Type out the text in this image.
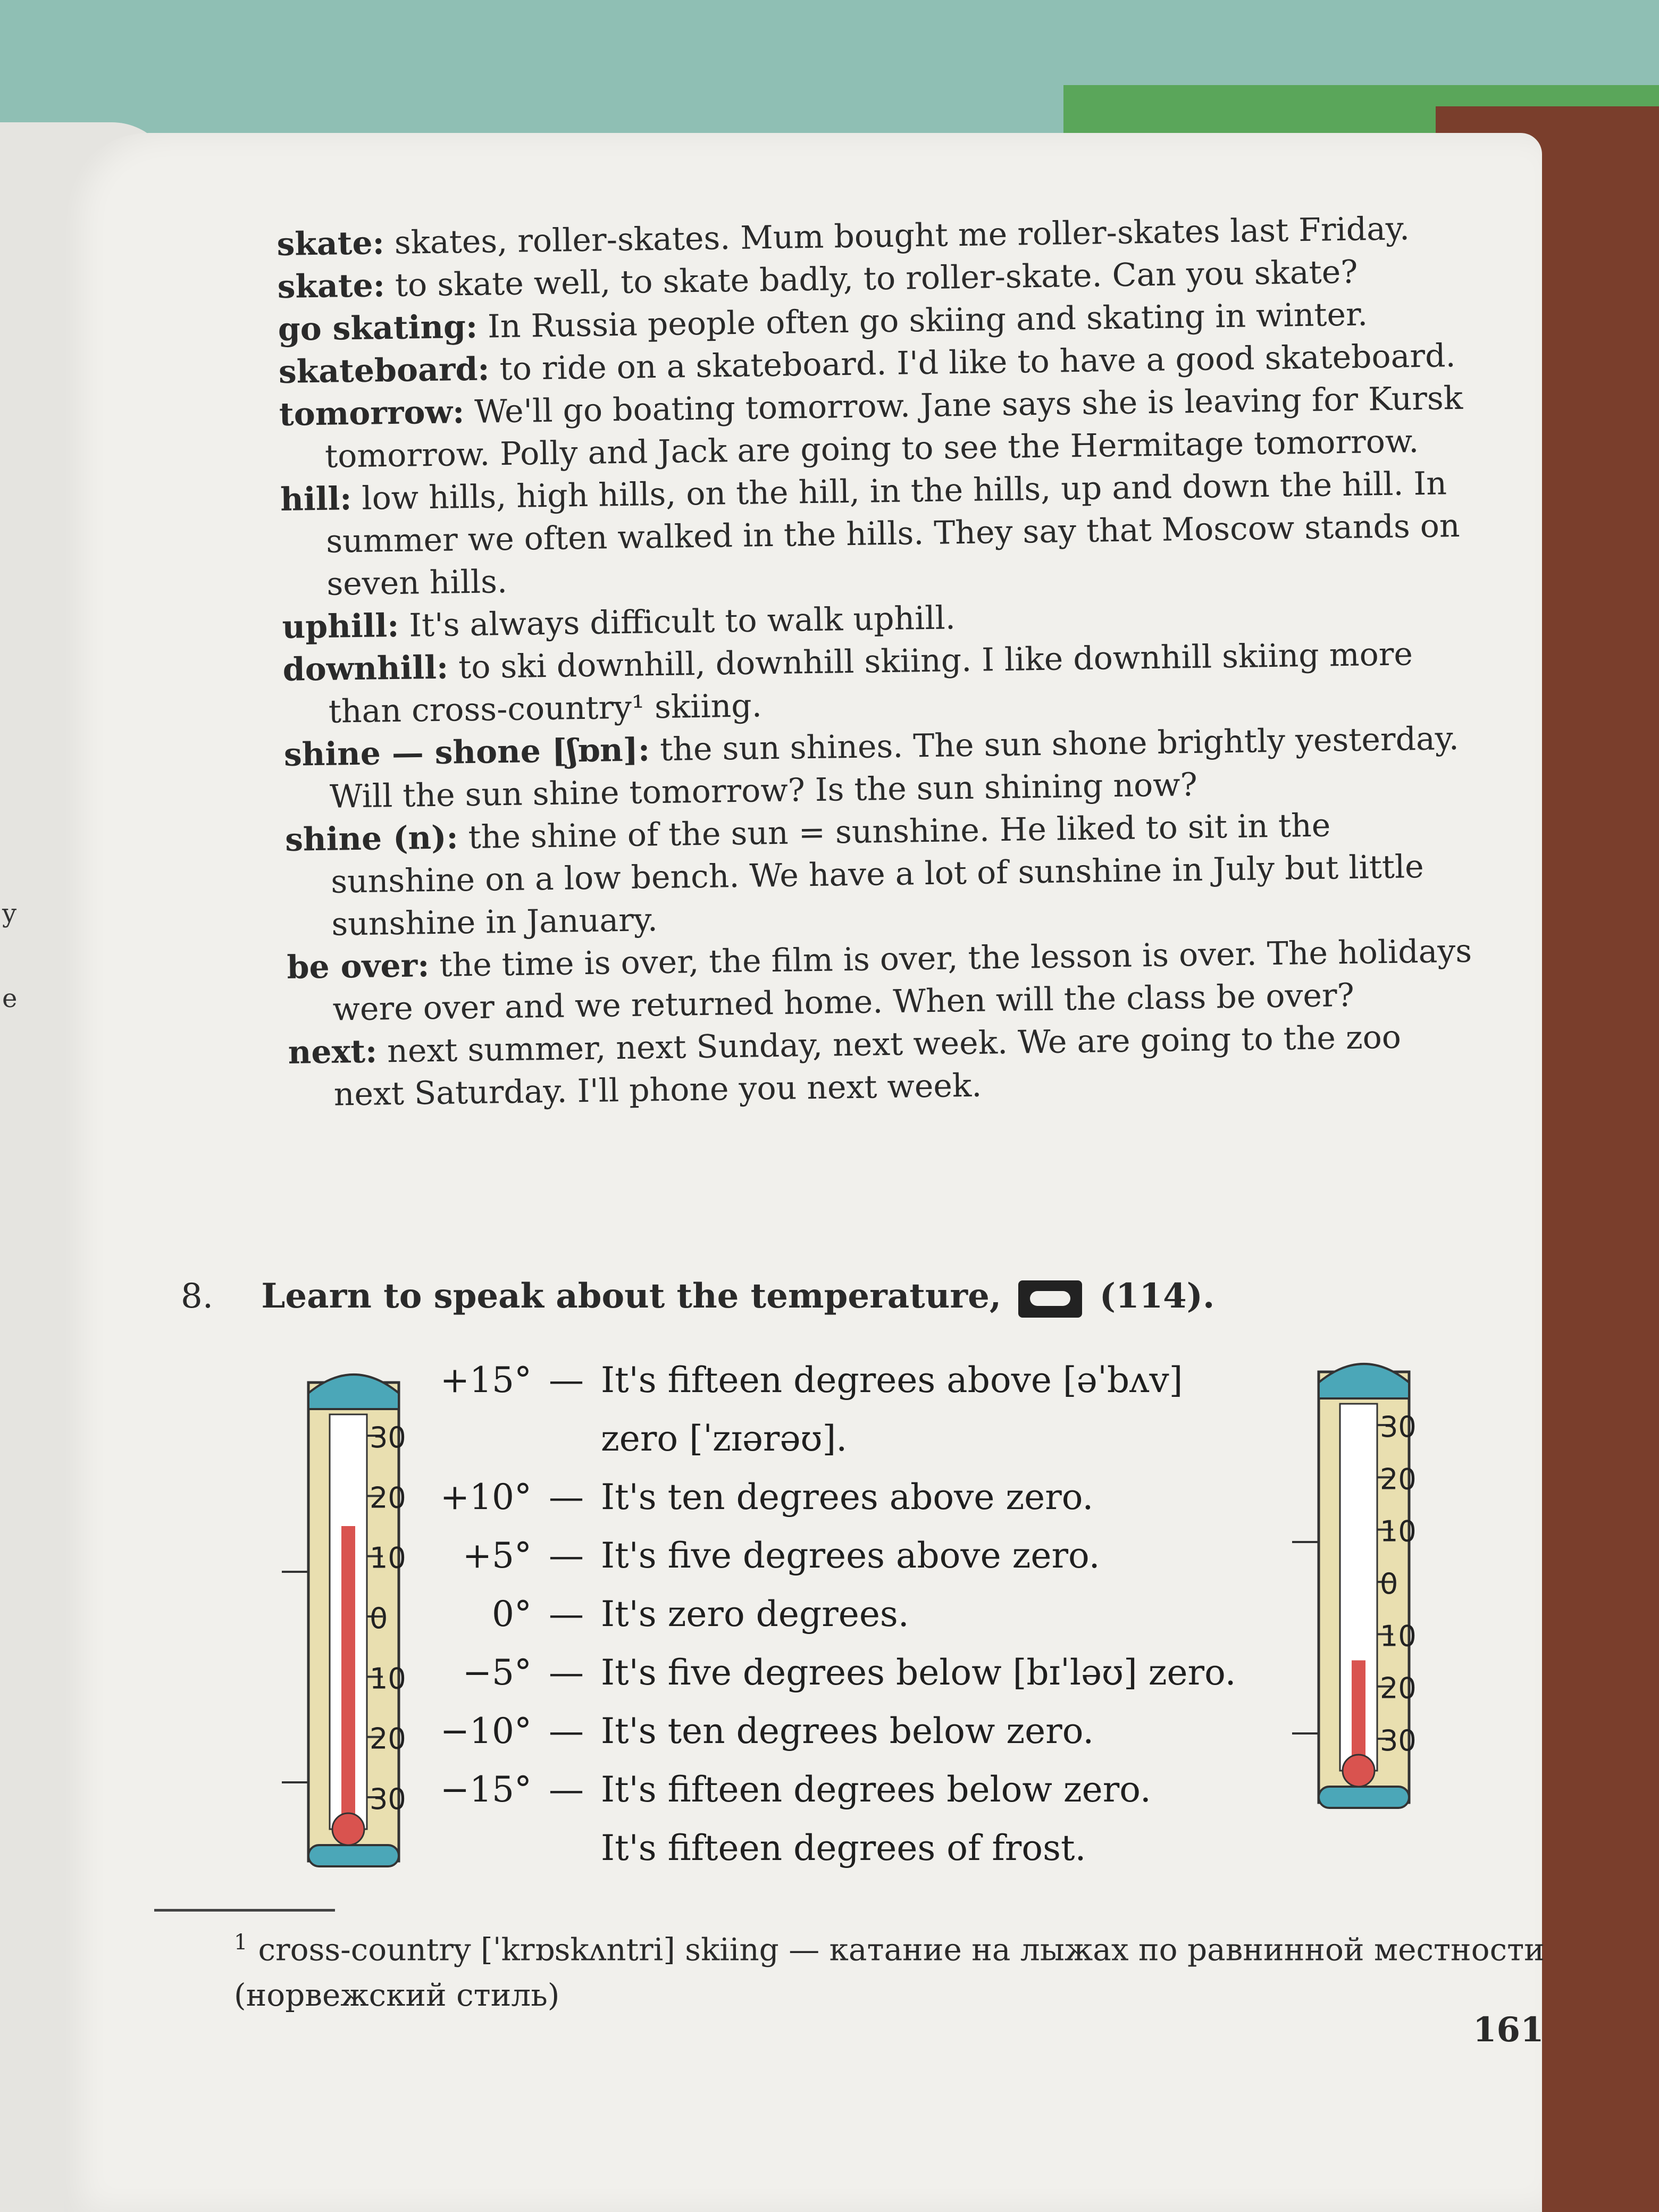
y
e

skate: skates, roller-skates. Mum bought me roller-skates last Friday.

skate: to skate well, to skate badly, to roller-skate. Can you skate?

go skating: In Russia people often go skiing and skating in winter.

skateboard: to ride on a skateboard. I'd like to have a good skateboard.

tomorrow: We'll go boating tomorrow. Jane says she is leaving for Kursk tomorrow. Polly and Jack are going to see the Hermitage tomorrow.

hill: low hills, high hills, on the hill, in the hills, up and down the hill. In summer we often walked in the hills. They say that Moscow stands on seven hills.

uphill: It's always difficult to walk uphill.

downhill: to ski downhill, downhill skiing. I like downhill skiing more than cross-country¹ skiing.

shine — shone [ʃɒn]: the sun shines. The sun shone brightly yesterday. Will the sun shine tomorrow? Is the sun shining now?

shine (n): the shine of the sun = sunshine. He liked to sit in the sunshine on a low bench. We have a lot of sunshine in July but little sunshine in January.

be over: the time is over, the film is over, the lesson is over. The holidays were over and we returned home. When will the class be over?

next: next summer, next Sunday, next week. We are going to the zoo next Saturday. I'll phone you next week.

8. Learn to speak about the temperature,	(114).
30
20
10
0
10
20
30
30
20
10
0
10
20
30
+15° — It's fifteen degrees above [əˈbʌv]
zero [ˈzɪərəʊ].
+10° — It's ten degrees above zero.
+5° — It's five degrees above zero.
0° — It's zero degrees.
−5° — It's five degrees below [bɪˈləʊ] zero.
−10° — It's ten degrees below zero.
−15° — It's fifteen degrees below zero.
It's fifteen degrees of frost.
$^1$ cross-country [ˈkrɒskʌntri] skiing — катание на лыжах по равнинной местности (норвежский стиль)
161
